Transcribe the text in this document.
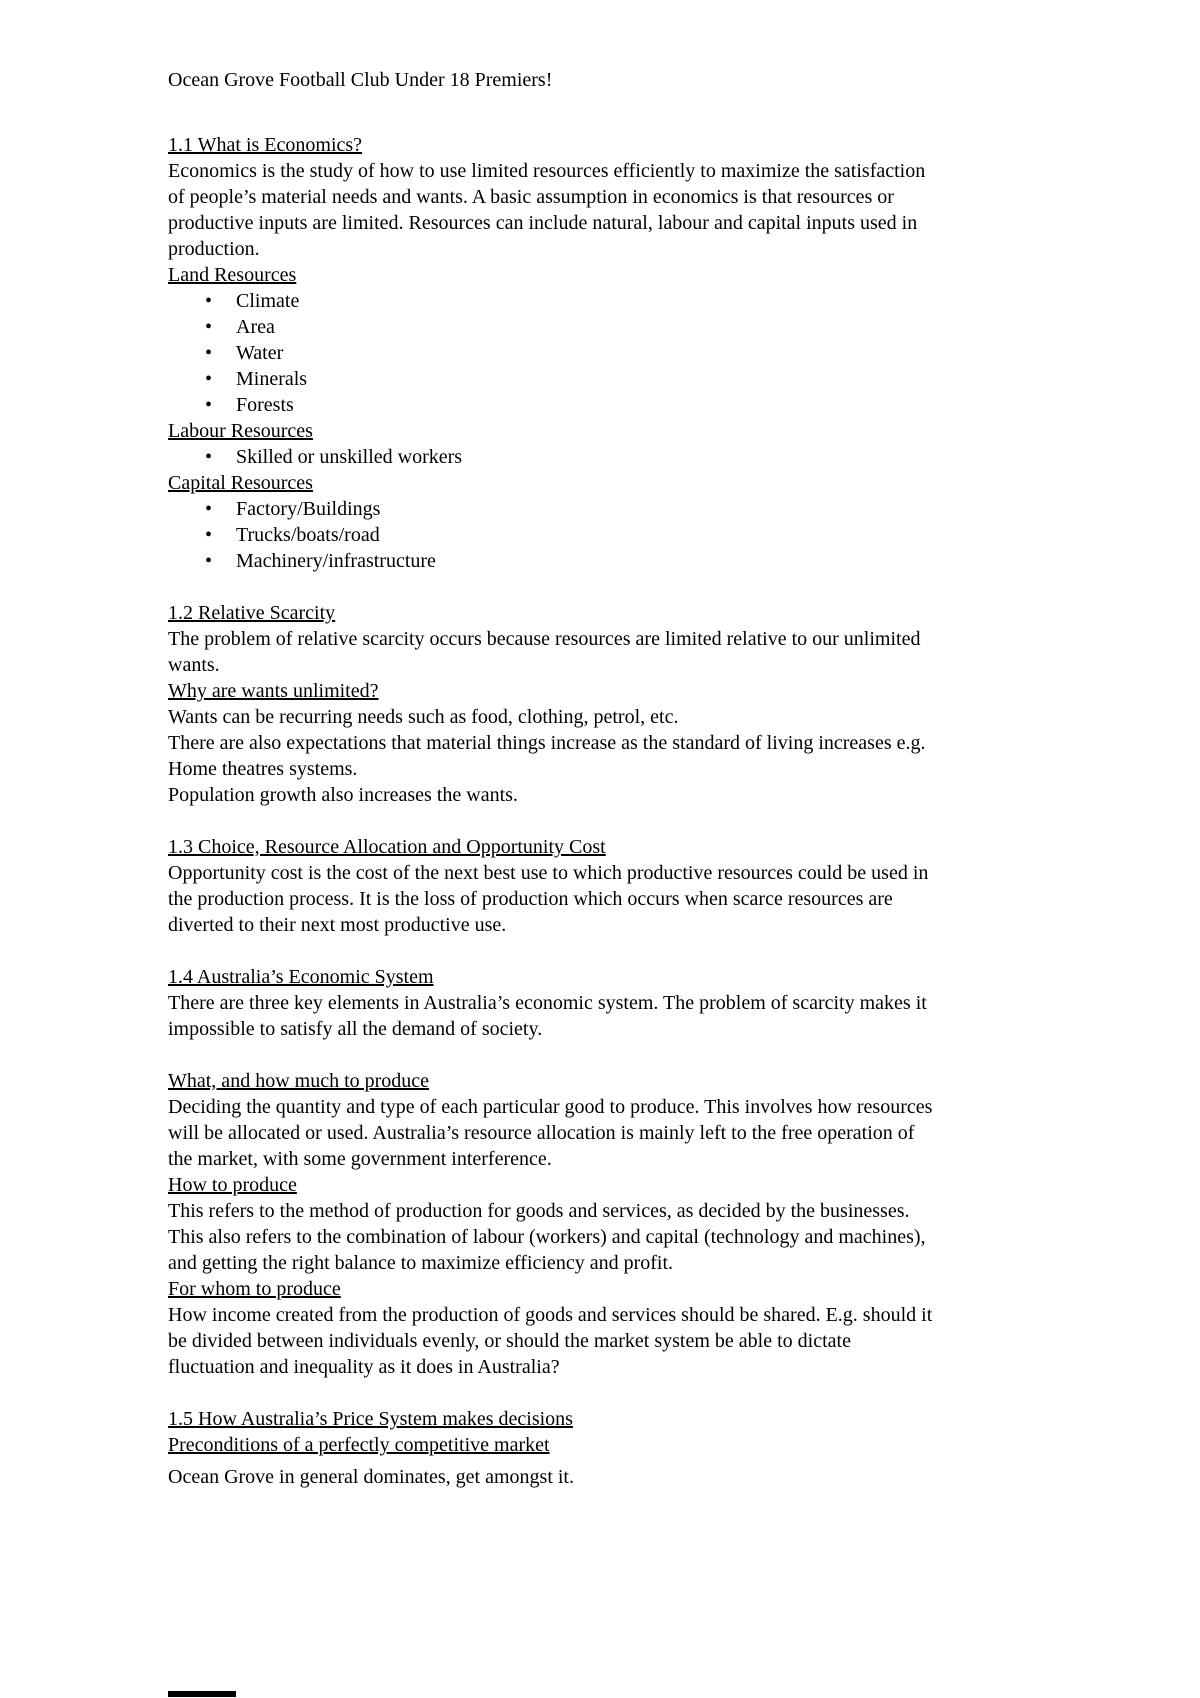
Ocean Grove Football Club Under 18 Premiers!

1.1 What is Economics?

Economics is the study of how to use limited resources efficiently to maximize the satisfaction of people’s material needs and wants. A basic assumption in economics is that resources or productive inputs are limited. Resources can include natural, labour and capital inputs used in production.

Land Resources

• Climate
• Area
• Water
• Minerals
• Forests

Labour Resources

• Skilled or unskilled workers

Capital Resources

• Factory/Buildings
• Trucks/boats/road
• Machinery/infrastructure
1.2 Relative Scarcity

The problem of relative scarcity occurs because resources are limited relative to our unlimited wants.

Why are wants unlimited?

Wants can be recurring needs such as food, clothing, petrol, etc.

There are also expectations that material things increase as the standard of living increases e.g. Home theatres systems.

Population growth also increases the wants.

1.3 Choice, Resource Allocation and Opportunity Cost

Opportunity cost is the cost of the next best use to which productive resources could be used in the production process. It is the loss of production which occurs when scarce resources are diverted to their next most productive use.

1.4 Australia’s Economic System

There are three key elements in Australia’s economic system. The problem of scarcity makes it impossible to satisfy all the demand of society.

What, and how much to produce

Deciding the quantity and type of each particular good to produce. This involves how resources will be allocated or used. Australia’s resource allocation is mainly left to the free operation of the market, with some government interference.

How to produce

This refers to the method of production for goods and services, as decided by the businesses. This also refers to the combination of labour (workers) and capital (technology and machines), and getting the right balance to maximize efficiency and profit.

For whom to produce

How income created from the production of goods and services should be shared. E.g. should it be divided between individuals evenly, or should the market system be able to dictate fluctuation and inequality as it does in Australia?

1.5 How Australia’s Price System makes decisions

Preconditions of a perfectly competitive market

Ocean Grove in general dominates, get amongst it.
